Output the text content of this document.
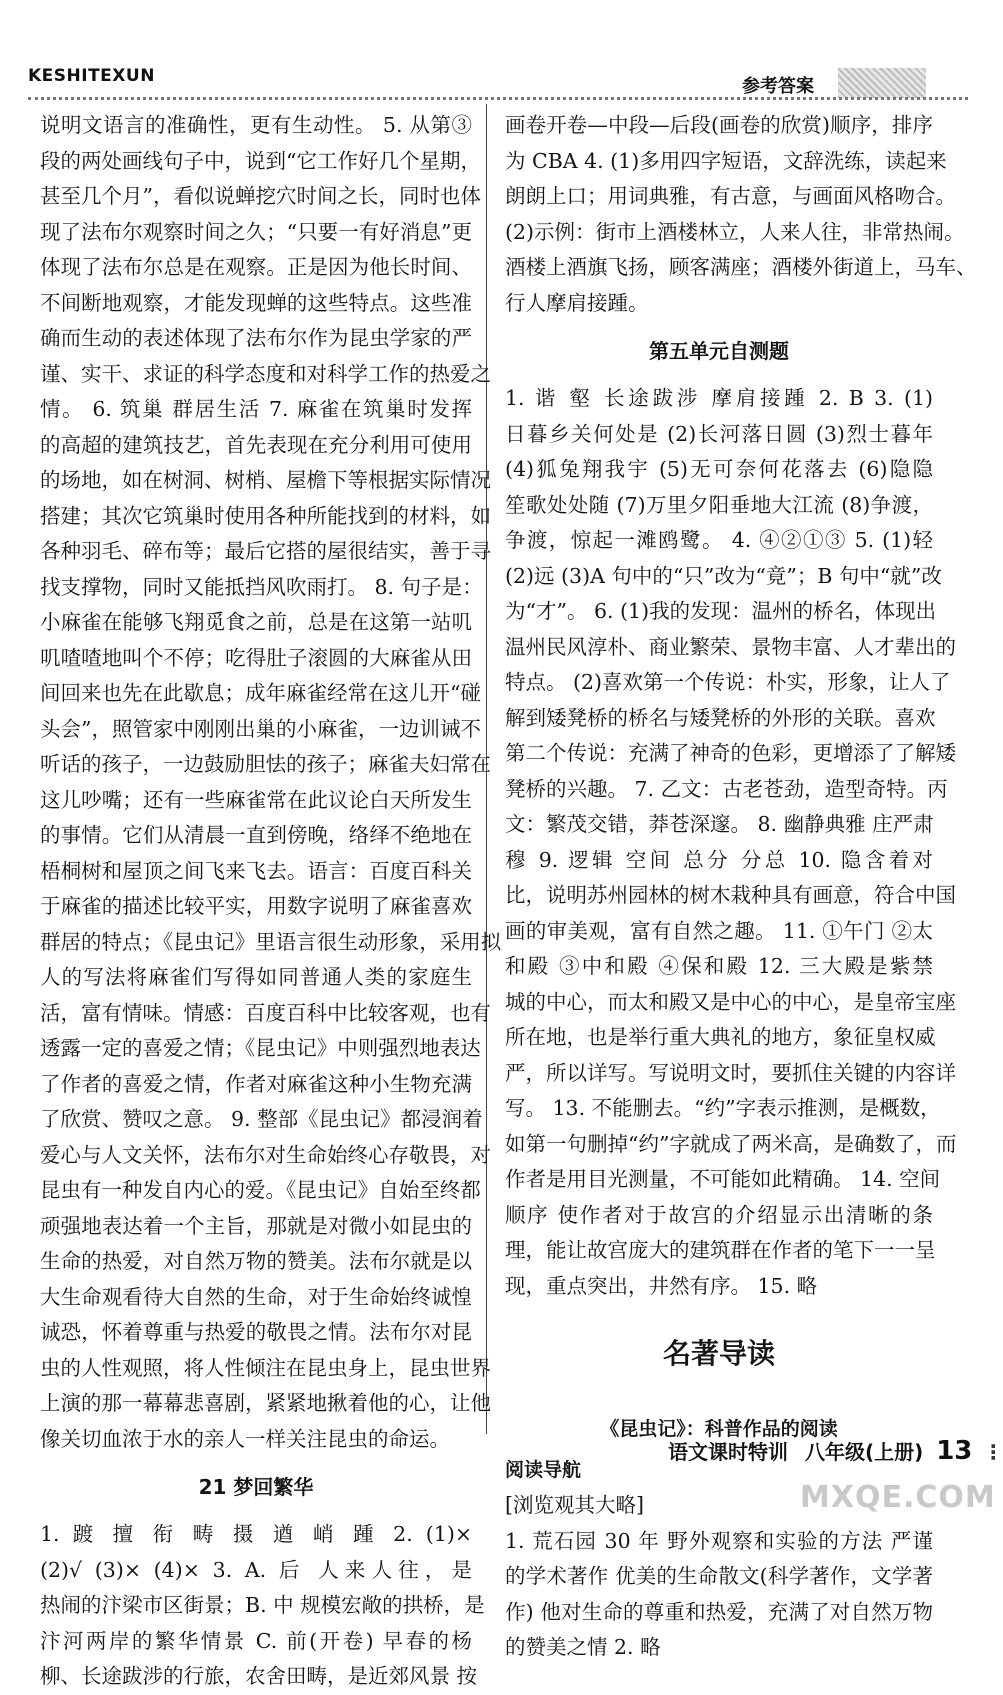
KESHITEXUN	参考答案
说明文语言的准确性，更有生动性。 5. 从第③
段的两处画线句子中，说到“它工作好几个星期，
甚至几个月”，看似说蝉挖穴时间之长，同时也体
现了法布尔观察时间之久；“只要一有好消息”更
体现了法布尔总是在观察。正是因为他长时间、
不间断地观察，才能发现蝉的这些特点。这些准
确而生动的表述体现了法布尔作为昆虫学家的严
谨、实干、求证的科学态度和对科学工作的热爱之
情。 6. 筑巢 群居生活 7. 麻雀在筑巢时发挥
的高超的建筑技艺，首先表现在充分利用可使用
的场地，如在树洞、树梢、屋檐下等根据实际情况
搭建；其次它筑巢时使用各种所能找到的材料，如
各种羽毛、碎布等；最后它搭的屋很结实，善于寻
找支撑物，同时又能抵挡风吹雨打。 8. 句子是：
小麻雀在能够飞翔觅食之前，总是在这第一站叽
叽喳喳地叫个不停；吃得肚子滚圆的大麻雀从田
间回来也先在此歇息；成年麻雀经常在这儿开“碰
头会”，照管家中刚刚出巢的小麻雀，一边训诫不
听话的孩子，一边鼓励胆怯的孩子；麻雀夫妇常在
这儿吵嘴；还有一些麻雀常在此议论白天所发生
的事情。它们从清晨一直到傍晚，络绎不绝地在
梧桐树和屋顶之间飞来飞去。语言：百度百科关
于麻雀的描述比较平实，用数字说明了麻雀喜欢
群居的特点；《昆虫记》里语言很生动形象，采用拟
人的写法将麻雀们写得如同普通人类的家庭生
活，富有情味。情感：百度百科中比较客观，也有
透露一定的喜爱之情；《昆虫记》中则强烈地表达
了作者的喜爱之情，作者对麻雀这种小生物充满
了欣赏、赞叹之意。 9. 整部《昆虫记》都浸润着
爱心与人文关怀，法布尔对生命始终心存敬畏，对
昆虫有一种发自内心的爱。《昆虫记》自始至终都
顽强地表达着一个主旨，那就是对微小如昆虫的
生命的热爱，对自然万物的赞美。法布尔就是以
大生命观看待大自然的生命，对于生命始终诚惶
诚恐，怀着尊重与热爱的敬畏之情。法布尔对昆
虫的人性观照，将人性倾注在昆虫身上，昆虫世界
上演的那一幕幕悲喜剧，紧紧地揪着他的心，让他
像关切血浓于水的亲人一样关注昆虫的命运。
21 梦回繁华
1. 踱 擅 衔 畴 摄 遒 峭 踵 2. (1)×
(2)√ (3)× (4)× 3. A. 后 人来人往，是
热闹的汴梁市区街景；B. 中 规模宏敞的拱桥，是
汴河两岸的繁华情景 C. 前(开卷) 早春的杨
柳、长途跋涉的行旅，农舍田畴，是近郊风景 按
画卷开卷—中段—后段(画卷的欣赏)顺序，排序
为 CBA 4. (1)多用四字短语，文辞洗练，读起来
朗朗上口；用词典雅，有古意，与画面风格吻合。
(2)示例：街市上酒楼林立，人来人往，非常热闹。
酒楼上酒旗飞扬，顾客满座；酒楼外街道上，马车、
行人摩肩接踵。
第五单元自测题
1. 谐 壑 长途跋涉 摩肩接踵 2. B 3. (1)
日暮乡关何处是 (2)长河落日圆 (3)烈士暮年
(4)狐兔翔我宇 (5)无可奈何花落去 (6)隐隐
笙歌处处随 (7)万里夕阳垂地大江流 (8)争渡，
争渡，惊起一滩鸥鹭。 4. ④②①③ 5. (1)轻
(2)远 (3)A 句中的“只”改为“竟”；B 句中“就”改
为“才”。 6. (1)我的发现：温州的桥名，体现出
温州民风淳朴、商业繁荣、景物丰富、人才辈出的
特点。 (2)喜欢第一个传说：朴实，形象，让人了
解到矮凳桥的桥名与矮凳桥的外形的关联。喜欢
第二个传说：充满了神奇的色彩，更增添了了解矮
凳桥的兴趣。 7. 乙文：古老苍劲，造型奇特。丙
文：繁茂交错，莽苍深邃。 8. 幽静典雅 庄严肃
穆 9. 逻辑 空间 总分 分总 10. 隐含着对
比，说明苏州园林的树木栽种具有画意，符合中国
画的审美观，富有自然之趣。 11. ①午门 ②太
和殿 ③中和殿 ④保和殿 12. 三大殿是紫禁
城的中心，而太和殿又是中心的中心，是皇帝宝座
所在地，也是举行重大典礼的地方，象征皇权威
严，所以详写。写说明文时，要抓住关键的内容详
写。 13. 不能删去。“约”字表示推测，是概数，
如第一句删掉“约”字就成了两米高，是确数了，而
作者是用目光测量，不可能如此精确。 14. 空间
顺序 使作者对于故宫的介绍显示出清晰的条
理，能让故宫庞大的建筑群在作者的笔下一一呈
现，重点突出，井然有序。 15. 略
名著导读
《昆虫记》：科普作品的阅读
阅读导航
[浏览观其大略]
1. 荒石园 30 年 野外观察和实验的方法 严谨
的学术著作 优美的生命散文(科学著作，文学著
作) 他对生命的尊重和热爱，充满了对自然万物
的赞美之情 2. 略
语文课时特训 八年级(上册) 13 ⋮
MXQE.COM
